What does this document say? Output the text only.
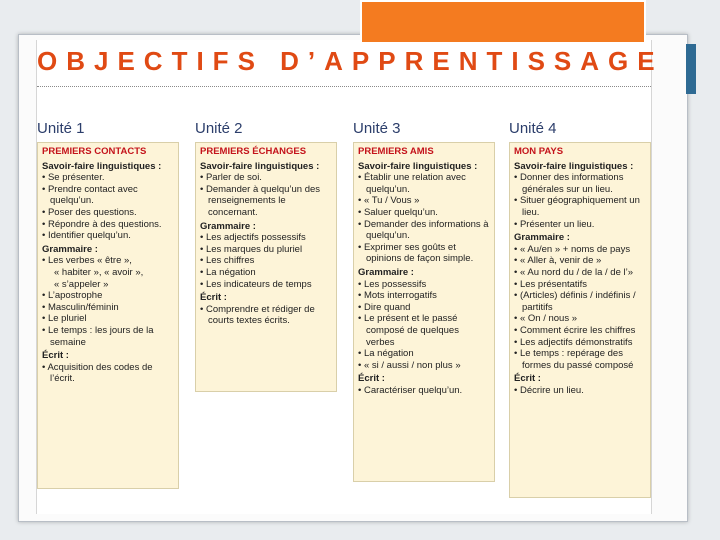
OBJECTIFS D’APPRENTISSAGE
Unité 1
PREMIERS CONTACTS
Savoir-faire linguistiques :
• Se présenter.
• Prendre contact avec quelqu’un.
• Poser des questions.
• Répondre à des questions.
• Identifier quelqu’un.
Grammaire :
• Les verbes « être »,
« habiter », « avoir »,
« s’appeler »
• L’apostrophe
• Masculin/féminin
• Le pluriel
• Le temps : les jours de la semaine
Écrit :
• Acquisition des codes de l’écrit.
Unité 2
PREMIERS ÉCHANGES
Savoir-faire linguistiques :
• Parler de soi.
• Demander à quelqu’un des renseignements le concernant.
Grammaire :
• Les adjectifs possessifs
• Les marques du pluriel
• Les chiffres
• La négation
• Les indicateurs de temps
Écrit :
• Comprendre et rédiger de courts textes écrits.
Unité 3
PREMIERS AMIS
Savoir-faire linguistiques :
• Établir une relation avec quelqu’un.
• « Tu / Vous »
• Saluer quelqu’un.
• Demander des informations à quelqu’un.
• Exprimer ses goûts et opinions de façon simple.
Grammaire :
• Les possessifs
• Mots interrogatifs
• Dire quand
• Le présent et le passé composé de quelques verbes
• La négation
• « si / aussi / non plus »
Écrit :
• Caractériser quelqu’un.
Unité 4
MON PAYS
Savoir-faire linguistiques :
• Donner des informations générales sur un lieu.
• Situer géographiquement un lieu.
• Présenter un lieu.
Grammaire :
• « Au/en » + noms de pays
• « Aller à, venir de »
• « Au nord du / de la / de l’»
• Les présentatifs
• (Articles) définis / indéfinis / partitifs
• « On / nous »
• Comment écrire les chiffres
• Les adjectifs démonstratifs
• Le temps : repérage des formes du passé composé
Écrit :
• Décrire un lieu.
